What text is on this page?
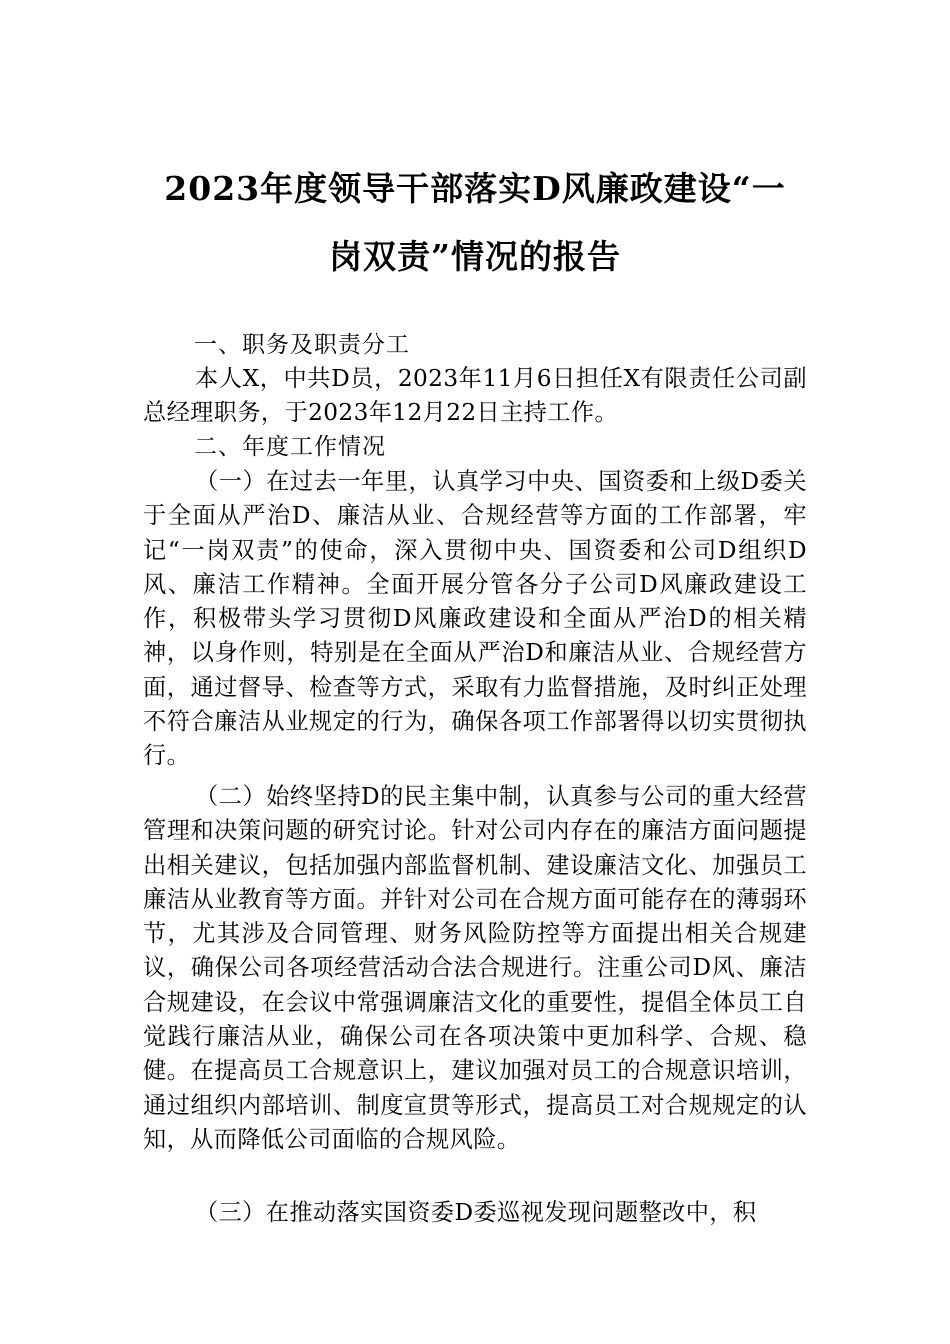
2023年度领导干部落实D风廉政建设“一
岗双责”情况的报告

一、职务及职责分工

本人X，中共D员，2023年11月6日担任X有限责任公司副总经理职务，于2023年12月22日主持工作。

二、年度工作情况

（一）在过去一年里，认真学习中央、国资委和上级D委关于全面从严治D、廉洁从业、合规经营等方面的工作部署，牢记“一岗双责”的使命，深入贯彻中央、国资委和公司D组织D风、廉洁工作精神。全面开展分管各分子公司D风廉政建设工作，积极带头学习贯彻D风廉政建设和全面从严治D的相关精神，以身作则，特别是在全面从严治D和廉洁从业、合规经营方面，通过督导、检查等方式，采取有力监督措施，及时纠正处理不符合廉洁从业规定的行为，确保各项工作部署得以切实贯彻执行。

（二）始终坚持D的民主集中制，认真参与公司的重大经营管理和决策问题的研究讨论。针对公司内存在的廉洁方面问题提出相关建议，包括加强内部监督机制、建设廉洁文化、加强员工廉洁从业教育等方面。并针对公司在合规方面可能存在的薄弱环节，尤其涉及合同管理、财务风险防控等方面提出相关合规建议，确保公司各项经营活动合法合规进行。注重公司D风、廉洁合规建设，在会议中常强调廉洁文化的重要性，提倡全体员工自觉践行廉洁从业，确保公司在各项决策中更加科学、合规、稳健。在提高员工合规意识上，建议加强对员工的合规意识培训，通过组织内部培训、制度宣贯等形式，提高员工对合规规定的认知，从而降低公司面临的合规风险。

（三）在推动落实国资委D委巡视发现问题整改中，积
